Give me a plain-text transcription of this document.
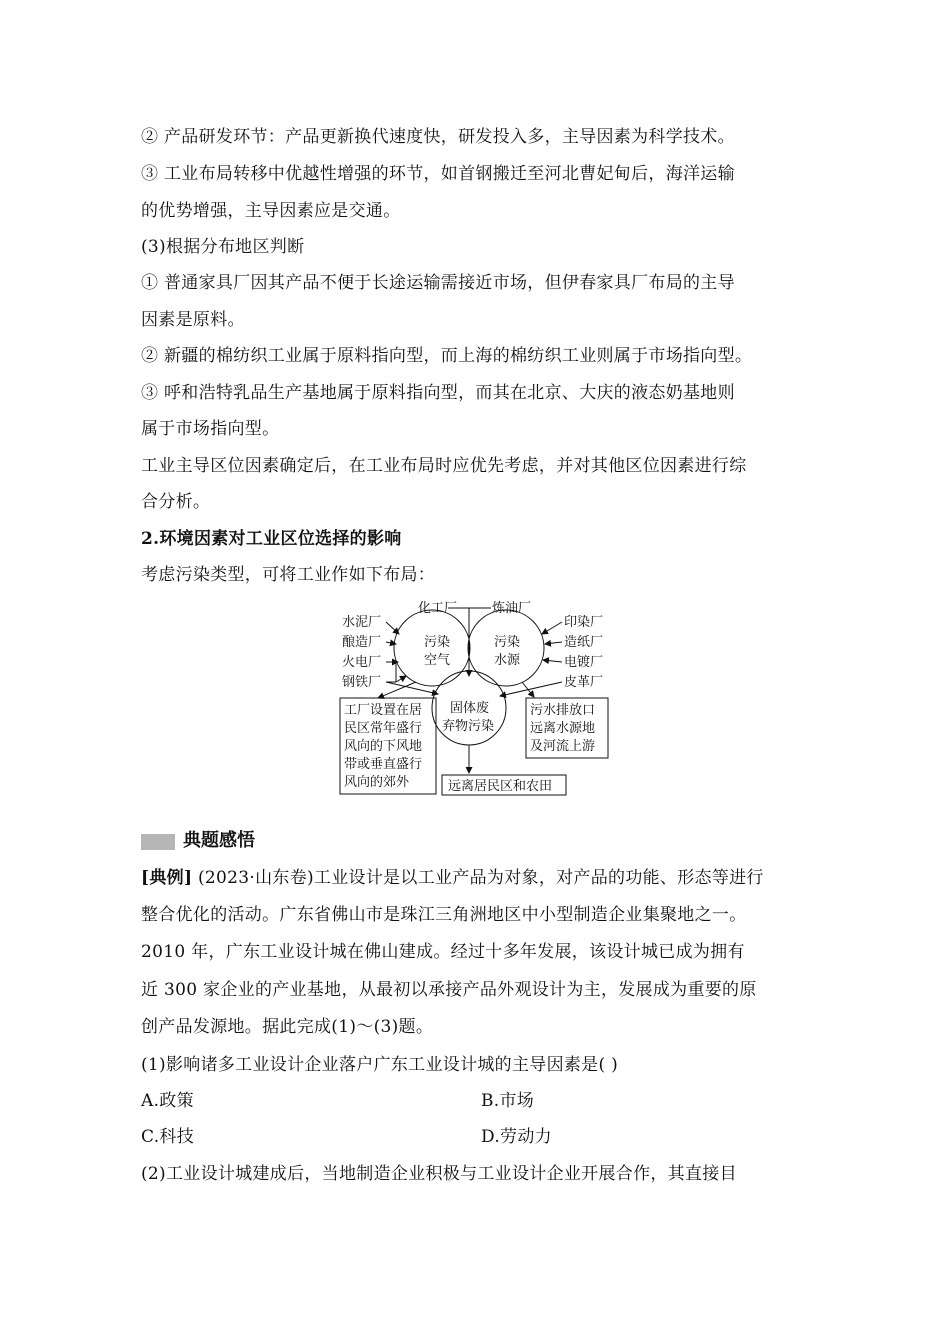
② 产品研发环节：产品更新换代速度快，研发投入多，主导因素为科学技术。
③ 工业布局转移中优越性增强的环节，如首钢搬迁至河北曹妃甸后，海洋运输
的优势增强，主导因素应是交通。
(3)根据分布地区判断
① 普通家具厂因其产品不便于长途运输需接近市场，但伊春家具厂布局的主导
因素是原料。
② 新疆的棉纺织工业属于原料指向型，而上海的棉纺织工业则属于市场指向型。
③ 呼和浩特乳品生产基地属于原料指向型，而其在北京、大庆的液态奶基地则
属于市场指向型。
工业主导区位因素确定后，在工业布局时应优先考虑，并对其他区位因素进行综
合分析。
2.环境因素对工业区位选择的影响
考虑污染类型，可将工业作如下布局：
化工厂	炼油厂
水泥厂
酿造厂
火电厂
钢铁厂
印染厂
造纸厂
电镀厂
皮革厂
污染
空气
污染
水源
固体废
弃物污染
工厂设置在居
民区常年盛行
风向的下风地
带或垂直盛行
风向的郊外
污水排放口
远离水源地
及河流上游
远离居民区和农田
典题感悟
[典例] (2023·山东卷)工业设计是以工业产品为对象，对产品的功能、形态等进行
整合优化的活动。广东省佛山市是珠江三角洲地区中小型制造企业集聚地之一。
2010 年，广东工业设计城在佛山建成。经过十多年发展，该设计城已成为拥有
近 300 家企业的产业基地，从最初以承接产品外观设计为主，发展成为重要的原
创产品发源地。据此完成(1)～(3)题。
(1)影响诸多工业设计企业落户广东工业设计城的主导因素是( )
A.政策	B.市场
C.科技	D.劳动力
(2)工业设计城建成后，当地制造企业积极与工业设计企业开展合作，其直接目
